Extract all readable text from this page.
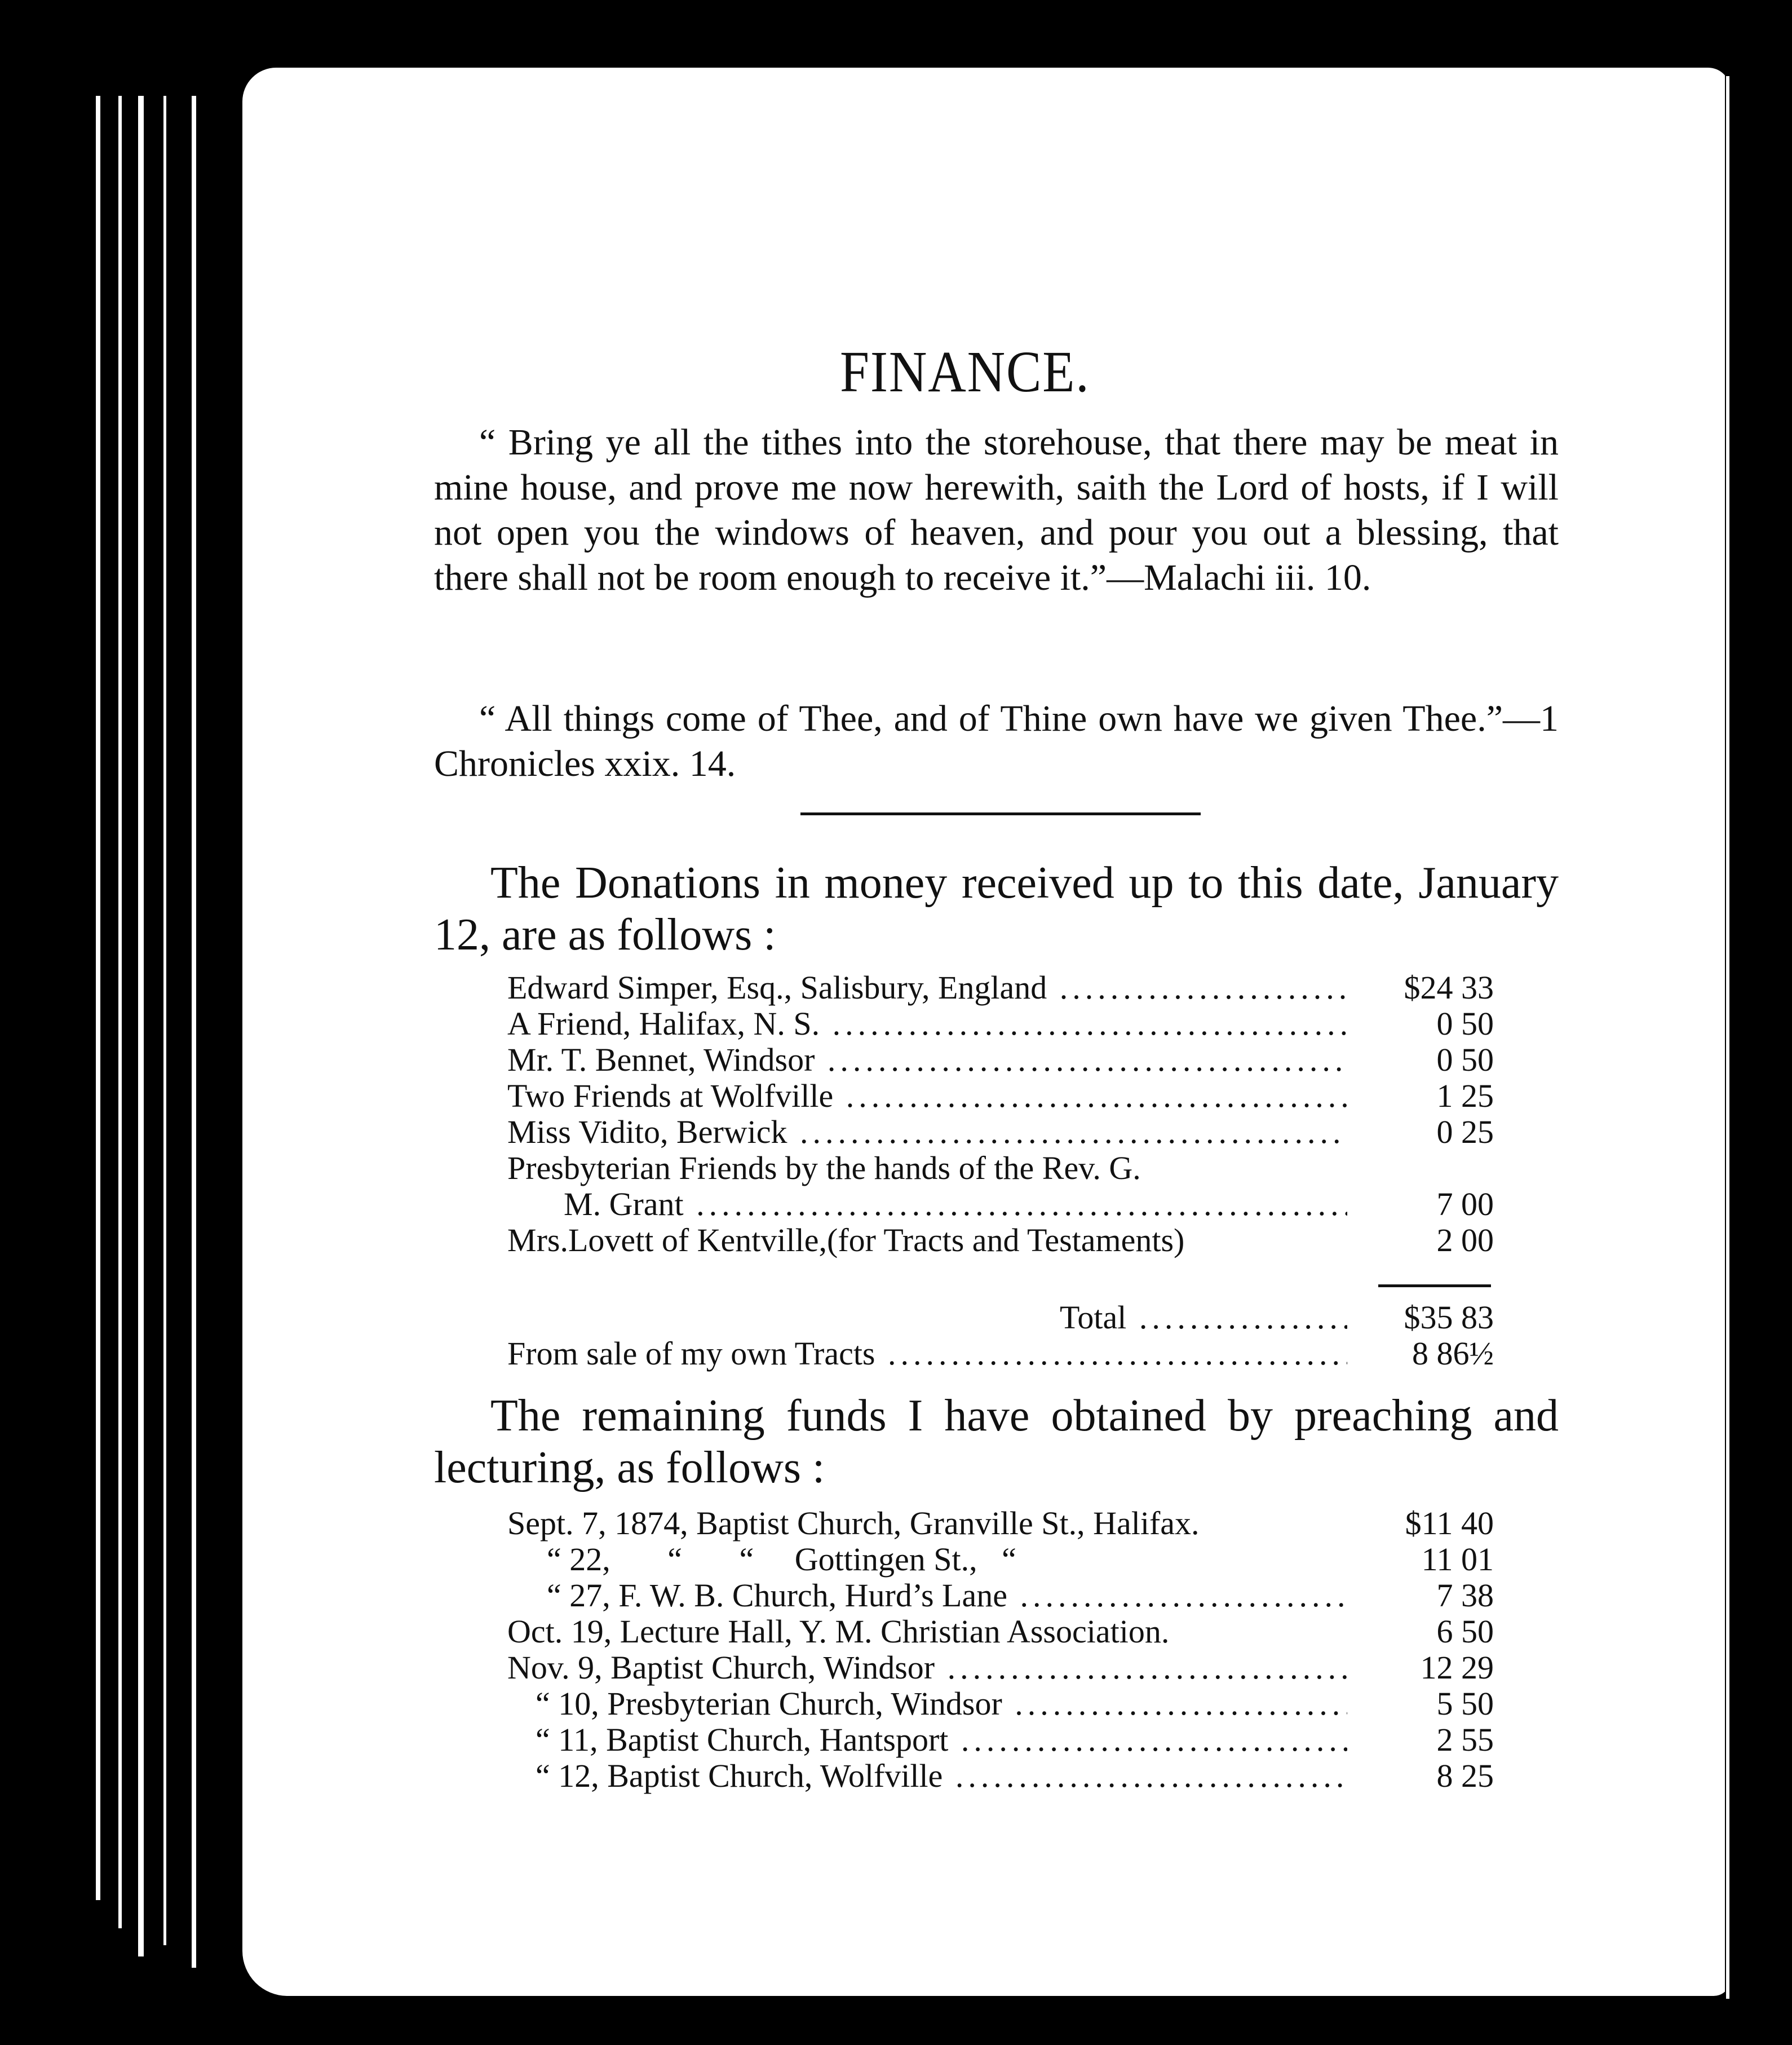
FINANCE.

“ Bring ye all the tithes into the storehouse, that there may be meat in mine house, and prove me now herewith, saith the Lord of hosts, if I will not open you the windows of heaven, and pour you out a blessing, that there shall not be room enough to receive it.”—Malachi iii. 10.

“ All things come of Thee, and of Thine own have we given Thee.”—1 Chronicles xxix. 14.

The Donations in money received up to this date, January 12, are as follows :

Edward Simper, Esq., Salisbury, England .....	$24 33
A Friend, Halifax, N. S. .....	0 50
Mr. T. Bennet, Windsor .....	0 50
Two Friends at Wolfville .....	1 25
Miss Vidito, Berwick .....	0 25
Presbyterian Friends by the hands of the Rev. G.
M. Grant .....	7 00
Mrs.Lovett of Kentville,(for Tracts and Testaments)	2 00
Total .....	$35 83
From sale of my own Tracts .....	8 86½

The remaining funds I have obtained by preaching and lecturing, as follows :

Sept. 7, 1874, Baptist Church, Granville St., Halifax.	$11 40
“ 22,       “       “     Gottingen St.,   “	11 01
“ 27, F. W. B. Church, Hurd’s Lane .....	7 38
Oct. 19, Lecture Hall, Y. M. Christian Association.	6 50
Nov. 9, Baptist Church, Windsor .....	12 29
“ 10, Presbyterian Church, Windsor .....	5 50
“ 11, Baptist Church, Hantsport .....	2 55
“ 12, Baptist Church, Wolfville .....	8 25
